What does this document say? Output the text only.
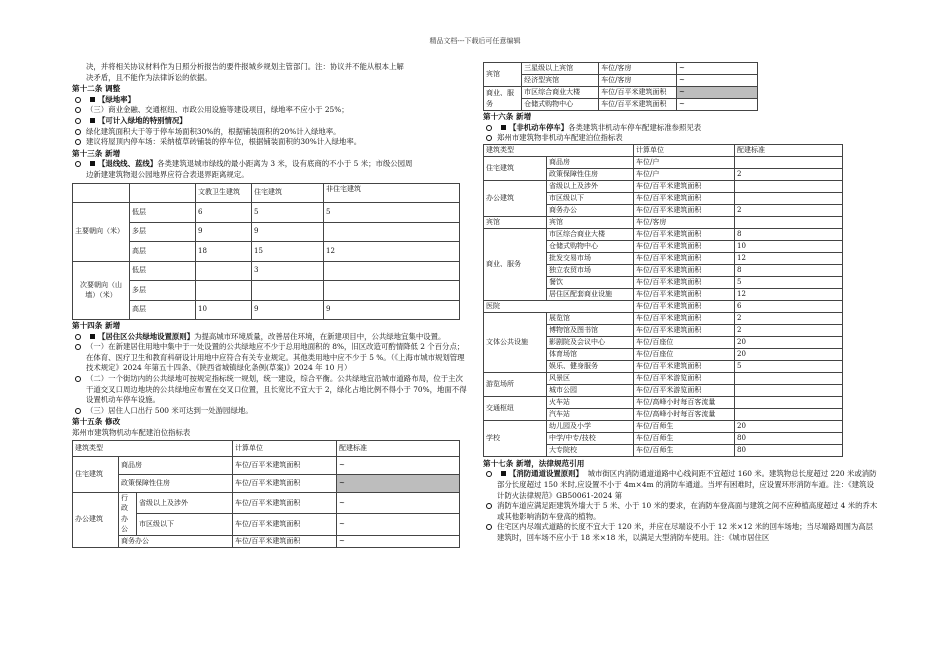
精品文档---下载后可任意编辑

决，并将相关协议材料作为日照分析报告的要件报城乡规划主管部门。注：协议并不能从根本上解

决矛盾，且不能作为法律诉讼的依据。

第十二条 调整

【绿地率】

（三）商业金融、交通枢纽、市政公用设施等建设项目，绿地率不应小于 25%；

【可计入绿地的特别情况】

绿化建筑面积大于等于停车场面积30%的，根据铺装面积的20%计入绿地率。

建议将屋顶内停车场：采纳植草砖铺装的停车位，根据铺装面积的30%计入绿地率。

第十三条 新增

【退线线、蓝线】各类建筑退城市绿线的最小距离为 3 米，设有底商的不小于 5 米；市级公园周

边新建建筑物退公园地界应符合表退界距离规定。

		文教卫生建筑	住宅建筑	非住宅建筑
主要朝向（米）	低层	6	5	5
	多层	9	9	
	高层	18	15	12
次要朝向（山墙）（米）	低层		3	
	多层			
	高层	10	9	9

第十四条 新增

【居住区公共绿地设置原则】为提高城市环境质量，改善居住环境，在新建项目中，公共绿地宜集中设置。

（一）在新建居住用地中集中于一处设置的公共绿地应不少于总用地面积的 8%，旧区改造可酌情降低 2 个百分点；在体育、医疗卫生和教育科研设计用地中应符合有关专业规定。其他类用地中应不少于 5 %。（《上海市城市规划管理技术规定》2024 年第五十四条、《陕西省城镇绿化条例(草案)》2024 年 10 月）

（二）一个街坊内的公共绿地可按规定指标统一规划，统一建设，综合平衡。公共绿地宜沿城市道路布局，位于主次干道交叉口周边地块的公共绿地应布置在交叉口位置，且长宽比不宜大于 2，绿化占地比例不得小于 70%，地面不得设置机动车停车设施。

（三）居住人口出行 500 米可达到一处游园绿地。

第十五条 修改

郑州市建筑物机动车配建泊位指标表

建筑类型			计算单位	配建标准
住宅建筑	商品房		车位/百平米建筑面积	~
	政策保障性住房		车位/百平米建筑面积	~
办公建筑	行政办公	省级以上及涉外	车位/百平米建筑面积	~
		市区级以下	车位/百平米建筑面积	~
	商务办公		车位/百平米建筑面积	~
宾馆	三星级以上宾馆	车位/客房	~
	经济型宾馆	车位/客房	~
商业、服务	市区综合商业大楼	车位/百平米建筑面积	~
	仓储式购物中心	车位/百平米建筑面积	~

第十六条 新增

【非机动车停车】各类建筑非机动车停车配建标准参照见表

郑州市建筑物非机动车配建泊位指标表

建筑类型		计算单位	配建标准
住宅建筑	商品房	车位/户	
	政策保障性住房	车位/户	2
办公建筑	省级以上及涉外	车位/百平米建筑面积	
	市区级以下	车位/百平米建筑面积	
	商务办公	车位/百平米建筑面积	2
宾馆	宾馆	车位/客房	
商业、服务	市区综合商业大楼	车位/百平米建筑面积	8
	仓储式购物中心	车位/百平米建筑面积	10
	批发交易市场	车位/百平米建筑面积	12
	独立农贸市场	车位/百平米建筑面积	8
	餐饮	车位/百平米建筑面积	5
	居住区配套商业设施	车位/百平米建筑面积	12
医院		车位/百平米建筑面积	6
文体公共设施	展览馆	车位/百平米建筑面积	2
	博物馆及图书馆	车位/百平米建筑面积	2
	影剧院及会议中心	车位/百座位	20
	体育场馆	车位/百座位	20
	娱乐、健身服务	车位/百平米建筑面积	5
游览场所	风景区	车位/百平米游览面积	
	城市公园	车位/百平米游览面积	
交通枢纽	火车站	车位/高峰小时每百客流量	
	汽车站	车位/高峰小时每百客流量	
学校	幼儿园及小学	车位/百师生	20
	中学/中专/技校	车位/百师生	80
	大专院校	车位/百师生	80

第十七条 新增，法律规范引用

【消防通道设置原则】 城市街区内消防通道道路中心线间距不宜超过 160 米。建筑物总长度超过 220 米或消防部分长度超过 150 米时,应设置不小于 4m×4m 的消防车通道。当坪有困难时，应设置环形消防车道。注：《建筑设计防火法律规范》GB50061-2024 第

消防车道应满足距建筑外墙大于 5 米、小于 10 米的要求，在消防车登高面与建筑之间不应种植高度超过 4 米的乔木或其他影响消防车登高的植物。

住宅区内尽端式道路的长度不宜大于 120 米，并应在尽端设不小于 12 米×12 米的回车场地；当尽端路周围为高层建筑时，回车场不应小于 18 米×18 米，以满足大型消防车使用。注：《城市居住区
